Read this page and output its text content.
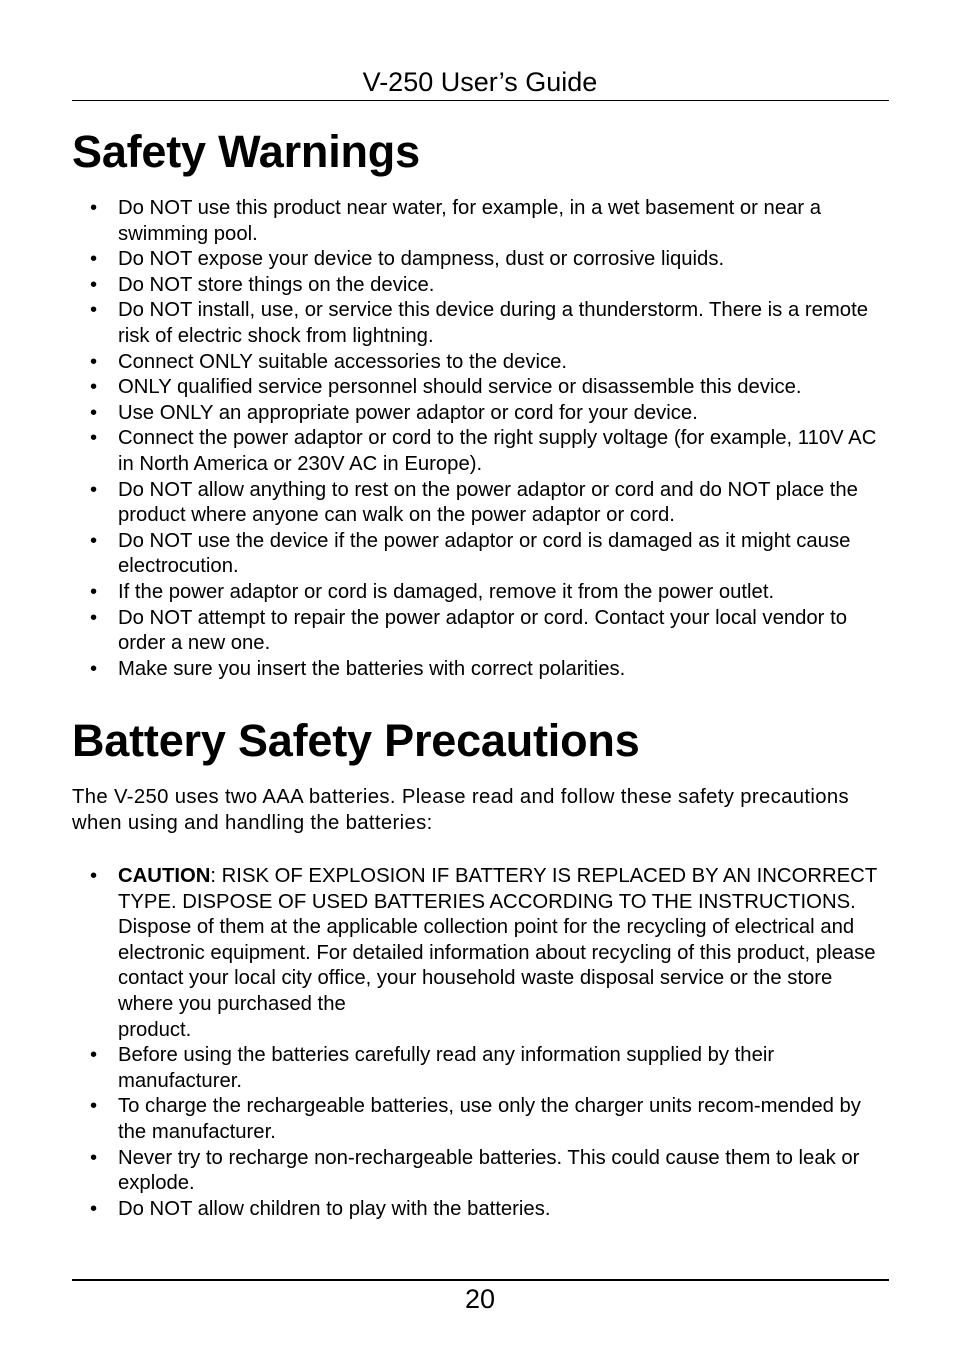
V-250 User’s Guide
Safety Warnings
• Do NOT use this product near water, for example, in a wet basement or near a swimming pool.
• Do NOT expose your device to dampness, dust or corrosive liquids.
• Do NOT store things on the device.
• Do NOT install, use, or service this device during a thunderstorm. There is a remote risk of electric shock from lightning.
• Connect ONLY suitable accessories to the device.
• ONLY qualified service personnel should service or disassemble this device.
• Use ONLY an appropriate power adaptor or cord for your device.
• Connect the power adaptor or cord to the right supply voltage (for example, 110V AC in North America or 230V AC in Europe).
• Do NOT allow anything to rest on the power adaptor or cord and do NOT place the product where anyone can walk on the power adaptor or cord.
• Do NOT use the device if the power adaptor or cord is damaged as it might cause electrocution.
• If the power adaptor or cord is damaged, remove it from the power outlet.
• Do NOT attempt to repair the power adaptor or cord. Contact your local vendor to order a new one.
• Make sure you insert the batteries with correct polarities.
Battery Safety Precautions

The V-250 uses two AAA batteries. Please read and follow these safety precautions when using and handling the batteries:

• CAUTION: RISK OF EXPLOSION IF BATTERY IS REPLACED BY AN INCORRECT TYPE. DISPOSE OF USED BATTERIES ACCORDING TO THE INSTRUCTIONS. Dispose of them at the applicable collection point for the recycling of electrical and electronic equipment. For detailed information about recycling of this product, please contact your local city office, your household waste disposal service or the store where you purchased the
product.
• Before using the batteries carefully read any information supplied by their manufacturer.
• To charge the rechargeable batteries, use only the charger units recom-mended by the manufacturer.
• Never try to recharge non-rechargeable batteries. This could cause them to leak or explode.
• Do NOT allow children to play with the batteries.
20
